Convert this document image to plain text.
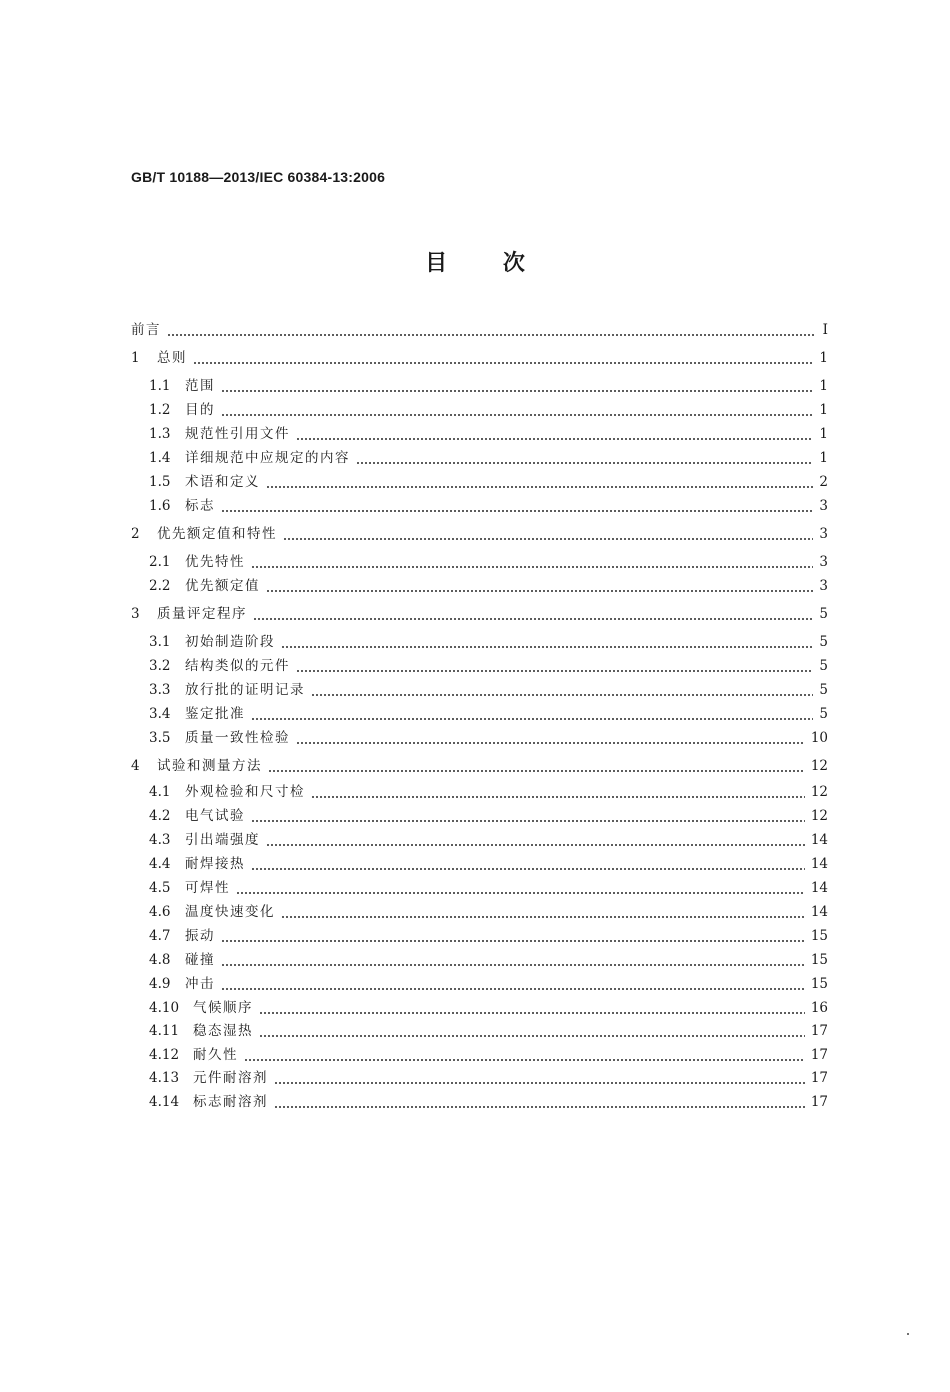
GB/T 10188—2013/IEC 60384-13:2006
目 次
前言	Ⅰ
1	总则	1
1.1	范围	1
1.2	目的	1
1.3	规范性引用文件	1
1.4	详细规范中应规定的内容	1
1.5	术语和定义	2
1.6	标志	3
2	优先额定值和特性	3
2.1	优先特性	3
2.2	优先额定值	3
3	质量评定程序	5
3.1	初始制造阶段	5
3.2	结构类似的元件	5
3.3	放行批的证明记录	5
3.4	鉴定批准	5
3.5	质量一致性检验	10
4	试验和测量方法	12
4.1	外观检验和尺寸检	12
4.2	电气试验	12
4.3	引出端强度	14
4.4	耐焊接热	14
4.5	可焊性	14
4.6	温度快速变化	14
4.7	振动	15
4.8	碰撞	15
4.9	冲击	15
4.10	气候顺序	16
4.11	稳态湿热	17
4.12	耐久性	17
4.13	元件耐溶剂	17
4.14	标志耐溶剂	17
